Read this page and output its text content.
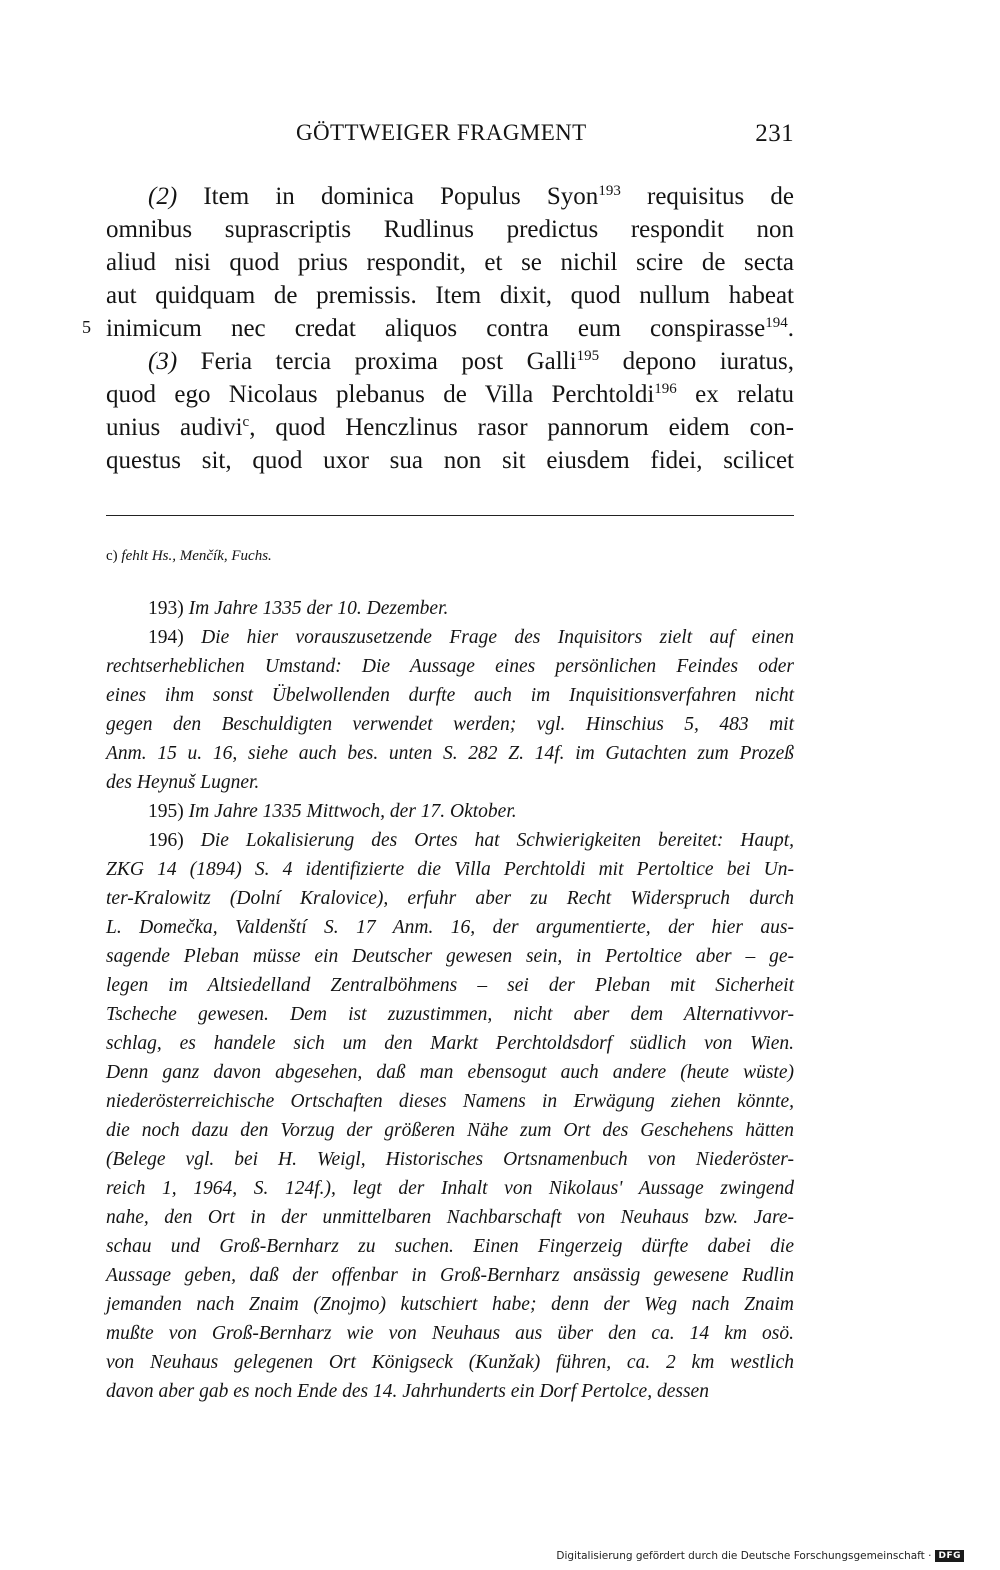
GÖTTWEIGER FRAGMENT	231
5
(2) Item in dominica Populus Syon$^{193}$ requisitus de
omnibus suprascriptis Rudlinus predictus respondit non
aliud nisi quod prius respondit, et se nichil scire de secta
aut quidquam de premissis. Item dixit, quod nullum habeat
inimicum nec credat aliquos contra eum conspirasse$^{194}$.
(3) Feria tercia proxima post Galli$^{195}$ depono iuratus,
quod ego Nicolaus plebanus de Villa Perchtoldi$^{196}$ ex relatu
unius audivi$^c$, quod Henczlinus rasor pannorum eidem con-
questus sit, quod uxor sua non sit eiusdem fidei, scilicet
c) fehlt Hs., Menčík, Fuchs.
193) Im Jahre 1335 der 10. Dezember.
194) Die hier vorauszusetzende Frage des Inquisitors zielt auf einen
rechtserheblichen Umstand: Die Aussage eines persönlichen Feindes oder
eines ihm sonst Übelwollenden durfte auch im Inquisitionsverfahren nicht
gegen den Beschuldigten verwendet werden; vgl. Hinschius 5, 483 mit
Anm. 15 u. 16, siehe auch bes. unten S. 282 Z. 14f. im Gutachten zum Prozeß
des Heynuš Lugner.
195) Im Jahre 1335 Mittwoch, der 17. Oktober.
196) Die Lokalisierung des Ortes hat Schwierigkeiten bereitet: Haupt,
ZKG 14 (1894) S. 4 identifizierte die Villa Perchtoldi mit Pertoltice bei Un-
ter-Kralowitz (Dolní Kralovice), erfuhr aber zu Recht Widerspruch durch
L. Domečka, Valdenští S. 17 Anm. 16, der argumentierte, der hier aus-
sagende Pleban müsse ein Deutscher gewesen sein, in Pertoltice aber – ge-
legen im Altsiedelland Zentralböhmens – sei der Pleban mit Sicherheit
Tscheche gewesen. Dem ist zuzustimmen, nicht aber dem Alternativvor-
schlag, es handele sich um den Markt Perchtoldsdorf südlich von Wien.
Denn ganz davon abgesehen, daß man ebensogut auch andere (heute wüste)
niederösterreichische Ortschaften dieses Namens in Erwägung ziehen könnte,
die noch dazu den Vorzug der größeren Nähe zum Ort des Geschehens hätten
(Belege vgl. bei H. Weigl, Historisches Ortsnamenbuch von Niederöster-
reich 1, 1964, S. 124f.), legt der Inhalt von Nikolaus' Aussage zwingend
nahe, den Ort in der unmittelbaren Nachbarschaft von Neuhaus bzw. Jare-
schau und Groß-Bernharz zu suchen. Einen Fingerzeig dürfte dabei die
Aussage geben, daß der offenbar in Groß-Bernharz ansässig gewesene Rudlin
jemanden nach Znaim (Znojmo) kutschiert habe; denn der Weg nach Znaim
mußte von Groß-Bernharz wie von Neuhaus aus über den ca. 14 km osö.
von Neuhaus gelegenen Ort Königseck (Kunžak) führen, ca. 2 km westlich
davon aber gab es noch Ende des 14. Jahrhunderts ein Dorf Pertolce, dessen
Digitalisierung gefördert durch die Deutsche Forschungsgemeinschaft · DFG
